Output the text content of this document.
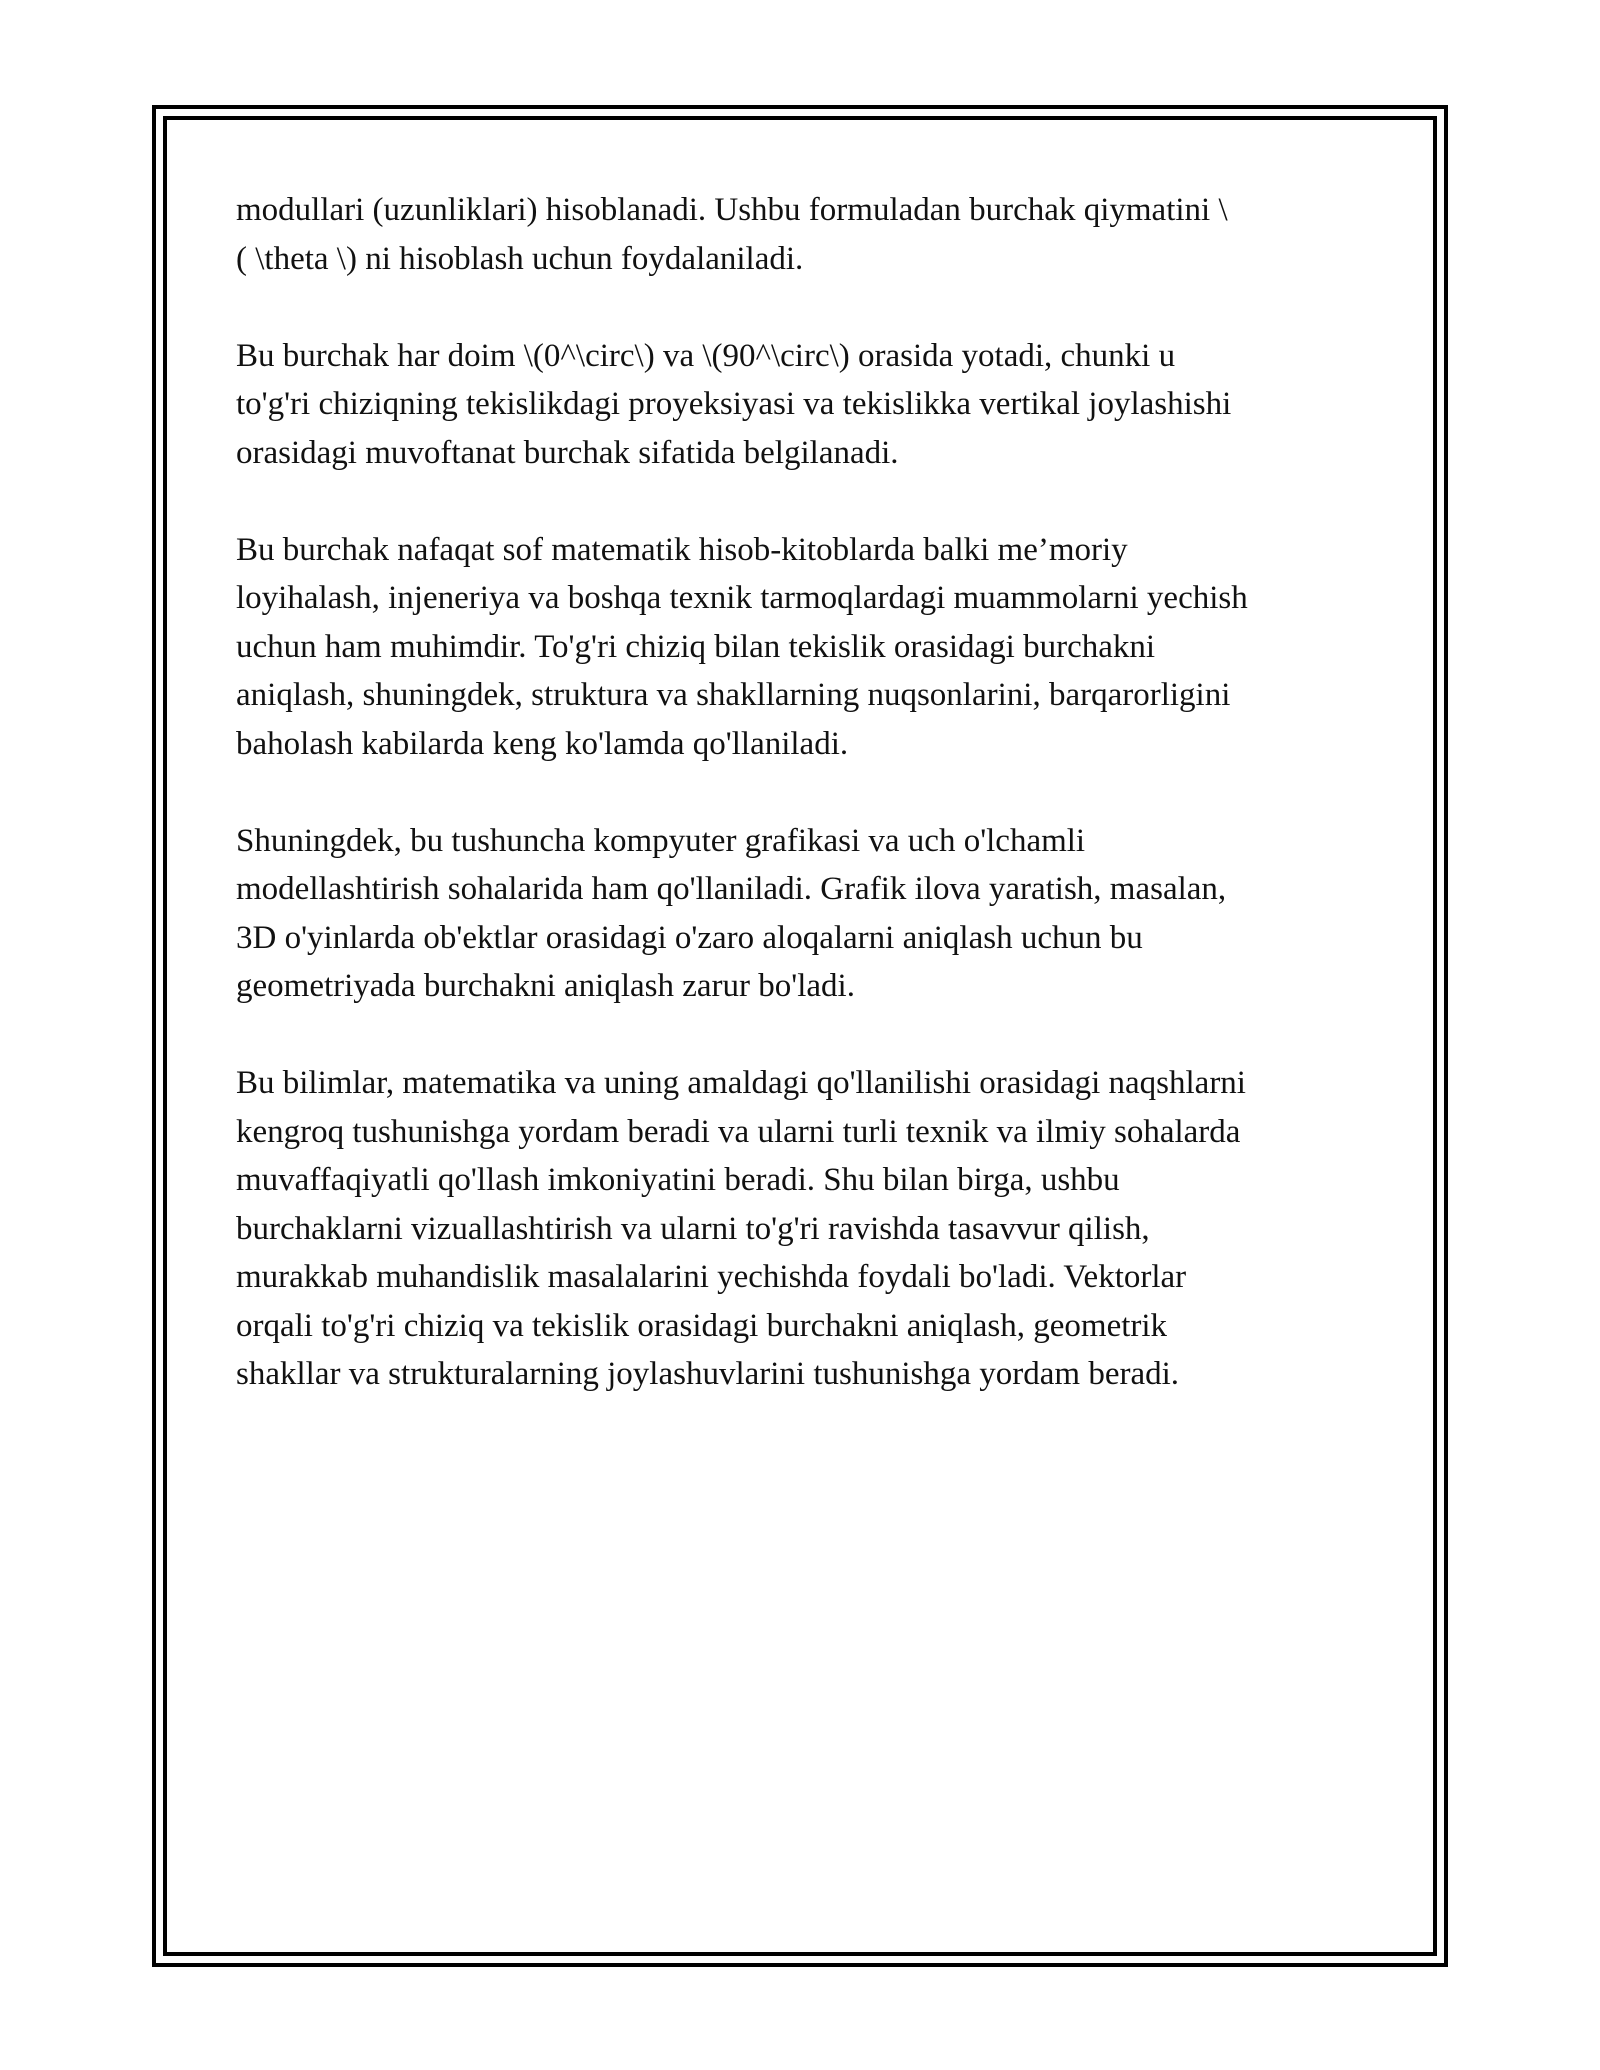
modullari (uzunliklari) hisoblanadi. Ushbu formuladan burchak qiymatini \
( \theta \) ni hisoblash uchun foydalaniladi.

Bu burchak har doim \(0^\circ\) va \(90^\circ\) orasida yotadi, chunki u
to'g'ri chiziqning tekislikdagi proyeksiyasi va tekislikka vertikal joylashishi
orasidagi muvoftanat burchak sifatida belgilanadi.

Bu burchak nafaqat sof matematik hisob-kitoblarda balki me’moriy
loyihalash, injeneriya va boshqa texnik tarmoqlardagi muammolarni yechish
uchun ham muhimdir. To'g'ri chiziq bilan tekislik orasidagi burchakni
aniqlash, shuningdek, struktura va shakllarning nuqsonlarini, barqarorligini
baholash kabilarda keng ko'lamda qo'llaniladi.

Shuningdek, bu tushuncha kompyuter grafikasi va uch o'lchamli
modellashtirish sohalarida ham qo'llaniladi. Grafik ilova yaratish, masalan,
3D o'yinlarda ob'ektlar orasidagi o'zaro aloqalarni aniqlash uchun bu
geometriyada burchakni aniqlash zarur bo'ladi.

Bu bilimlar, matematika va uning amaldagi qo'llanilishi orasidagi naqshlarni
kengroq tushunishga yordam beradi va ularni turli texnik va ilmiy sohalarda
muvaffaqiyatli qo'llash imkoniyatini beradi. Shu bilan birga, ushbu
burchaklarni vizuallashtirish va ularni to'g'ri ravishda tasavvur qilish,
murakkab muhandislik masalalarini yechishda foydali bo'ladi. Vektorlar
orqali to'g'ri chiziq va tekislik orasidagi burchakni aniqlash, geometrik
shakllar va strukturalarning joylashuvlarini tushunishga yordam beradi.
